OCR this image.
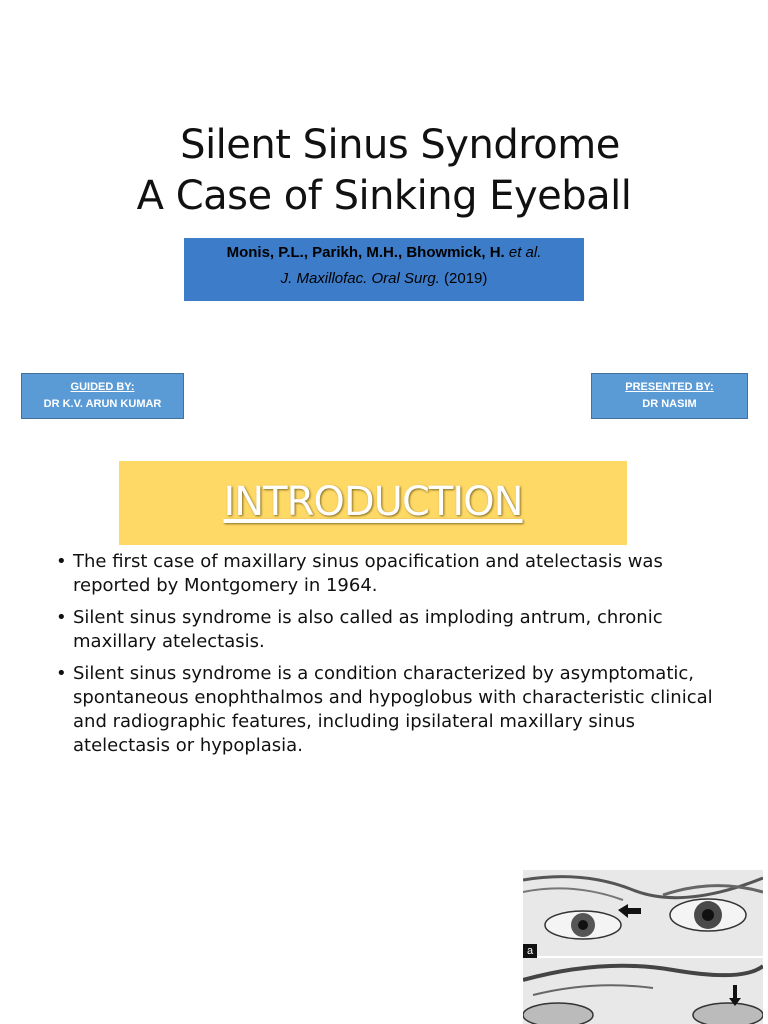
Silent Sinus Syndrome
A Case of Sinking Eyeball
Monis, P.L., Parikh, M.H., Bhowmick, H. et al.
J. Maxillofac. Oral Surg. (2019)
GUIDED BY:
DR K.V. ARUN KUMAR
PRESENTED BY:
DR NASIM
INTRODUCTION
• The first case of maxillary sinus opacification and atelectasis was reported by Montgomery in 1964.
• Silent sinus syndrome is also called as imploding antrum, chronic maxillary atelectasis.
• Silent sinus syndrome is a condition characterized by asymptomatic, spontaneous enophthalmos and hypoglobus with characteristic clinical and radiographic features, including ipsilateral maxillary sinus atelectasis or hypoplasia.
a
